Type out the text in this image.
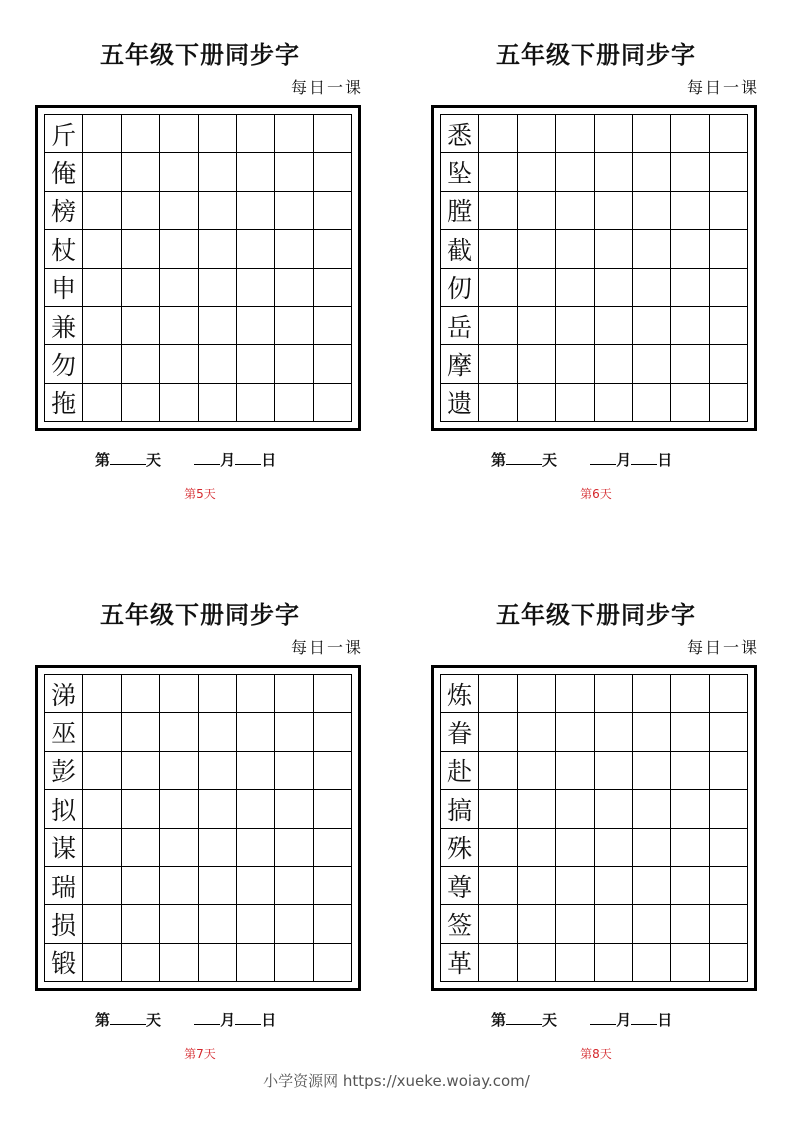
五年级下册同步字
每日一课
斤
俺
榜
杖
申
兼
勿
拖
第 天	月 日
第5天
五年级下册同步字
每日一课
悉
坠
膛
截
仞
岳
摩
遗
第 天	月 日
第6天
五年级下册同步字
每日一课
涕
巫
彭
拟
谋
瑞
损
锻
第 天	月 日
第7天
五年级下册同步字
每日一课
炼
眷
赴
搞
殊
尊
签
革
第 天	月 日
第8天
小学资源网 https://xueke.woiay.com/
